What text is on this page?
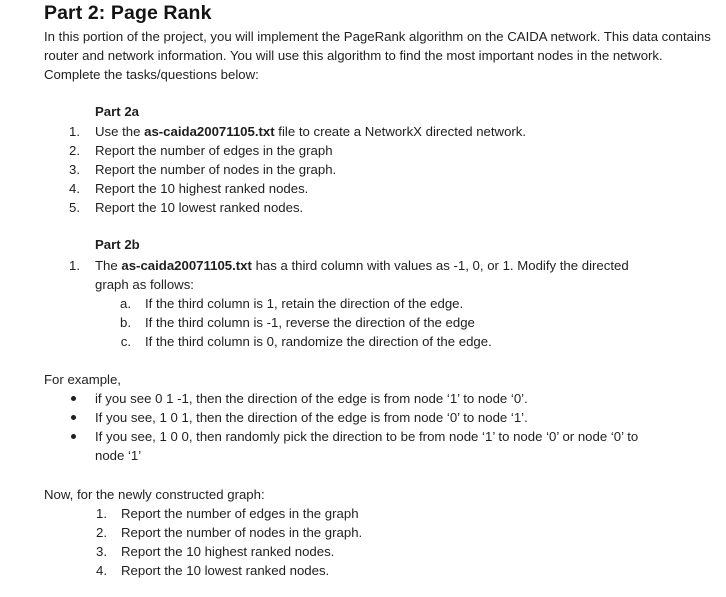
Part 2: Page Rank

In this portion of the project, you will implement the PageRank algorithm on the CAIDA network. This data contains router and network information. You will use this algorithm to find the most important nodes in the network. Complete the tasks/questions below:

Part 2a
1. Use the as-caida20071105.txt file to create a NetworkX directed network.
2. Report the number of edges in the graph
3. Report the number of nodes in the graph.
4. Report the 10 highest ranked nodes.
5. Report the 10 lowest ranked nodes.
Part 2b
1. The as-caida20071105.txt has a third column with values as -1, 0, or 1. Modify the directed
graph as follows:
a. If the third column is 1, retain the direction of the edge.
b. If the third column is -1, reverse the direction of the edge
c. If the third column is 0, randomize the direction of the edge.
For example,
if you see 0 1 -1, then the direction of the edge is from node ‘1’ to node ‘0’.
If you see, 1 0 1, then the direction of the edge is from node ‘0’ to node ‘1’.
If you see, 1 0 0, then randomly pick the direction to be from node ‘1’ to node ‘0’ or node ‘0’ to
node ‘1’
Now, for the newly constructed graph:
1. Report the number of edges in the graph
2. Report the number of nodes in the graph.
3. Report the 10 highest ranked nodes.
4. Report the 10 lowest ranked nodes.
